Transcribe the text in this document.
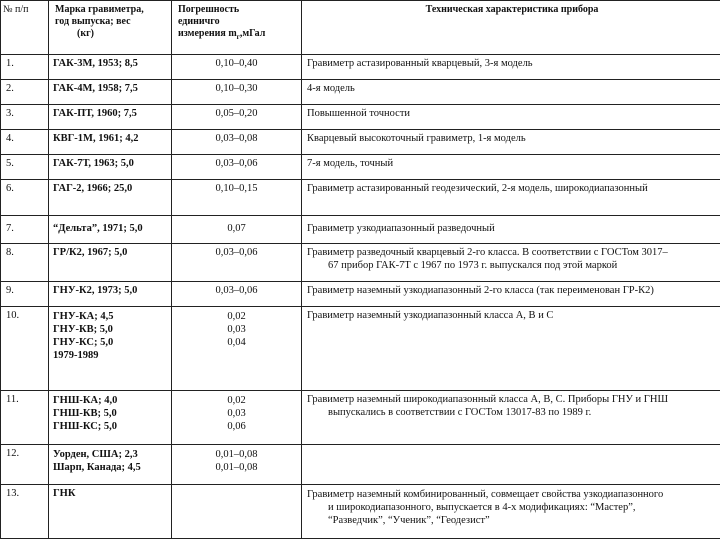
№ п/п	Марка гравиметра,
год выпуска; вес
(кг)	Погрешность
единичго
измерения $m_г,мГал$	Техническая характеристика прибора
1.	ГАК-3М, 1953; 8,5	0,10–0,40	Гравиметр астазированный кварцевый, 3-я модель
2.	ГАК-4М, 1958; 7,5	0,10–0,30	4-я модель
3.	ГАК-ПТ, 1960; 7,5	0,05–0,20	Повышенной точности
4.	КВГ-1М, 1961; 4,2	0,03–0,08	Кварцевый высокоточный гравиметр, 1-я модель
5.	ГАК-7Т, 1963; 5,0	0,03–0,06	7-я модель, точный
6.	ГАГ-2, 1966; 25,0	0,10–0,15	Гравиметр астазированный геодезический, 2-я модель, широкодиапазонный
7.	“Дельта”, 1971; 5,0	0,07	Гравиметр узкодиапазонный разведочный
8.	ГР/К2, 1967; 5,0	0,03–0,06	Гравиметр разведочный кварцевый 2-го класса. В соответствии с ГОСТом 3017–
67 прибор ГАК-7Т с 1967 по 1973 г. выпускался под этой маркой

9.	ГНУ-К2, 1973; 5,0	0,03–0,06	Гравиметр наземный узкодиапазонный 2-го класса (так переименован ГР-К2)
10.	ГНУ-КА; 4,5
ГНУ-КВ; 5,0
ГНУ-КС; 5,0
1979-1989	0,02
0,03
0,04	Гравиметр наземный узкодиапазонный класса А, В и С
11.	ГНШ-КА; 4,0
ГНШ-КВ; 5,0
ГНШ-КС; 5,0	0,02
0,03
0,06	Гравиметр наземный широкодиапазонный класса А, В, С. Приборы ГНУ и ГНШ
выпускались в соответствии с ГОСТом 13017-83 по 1989 г.

12.	Уорден, США; 2,3
Шарп, Канада; 4,5	0,01–0,08
0,01–0,08	

13.	ГНК		Гравиметр наземный комбинированный, совмещает свойства узкодиапазонного
и широкодиапазонного, выпускается в 4-х модификациях: “Мастер”,
“Разведчик”, “Ученик”, “Геодезист”
